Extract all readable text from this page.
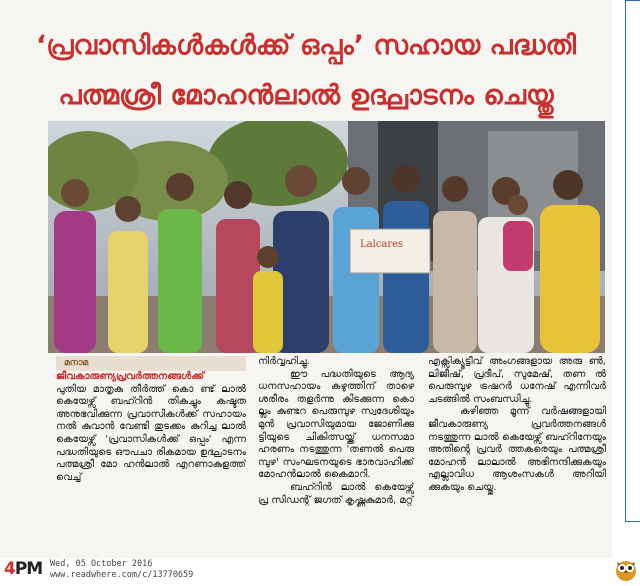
‘പ്രവാസികൾകൾക്ക് ഒപ്പം’ സഹായ പദ്ധതി
പത്മശ്രീ മോഹൻലാൽ ഉദ്ഘാടനം ചെയ്തു
Lalcares
മനാമ
ജീവകാരുണ്യപ്രവർത്തനങ്ങൾക്ക്

പുതിയ മാതൃക തീർത്ത് കൊ ണ്ട് ലാൽ കെയേഴ്സ് ബഹ്റിൻ തികച്ചും കഷ്ടത അനുഭവിക്കുന്ന പ്രവാസികൾക്ക് സഹായം നൽ കുവാൻ വേണ്ടി തുടക്കം കുറിച്ച ലാൽ കെയേഴ്സ് 'പ്രവാസികൾക്ക് ഒപ്പം' എന്ന പദ്ധതിയുടെ ഔപചാ രികമായ ഉദ്ഘാടനം പത്മശ്രീ മോ ഹൻലാൽ എറണാകുളത്ത് വെച്ച്

നിർവ്വഹിച്ചു.

ഈ പദ്ധതിയുടെ ആദ്യ ധനസഹായം കഴുത്തിന് താഴെ ശരീരം തളർന്നു കിടക്കുന്ന കൊ ല്ലം കുണ്ടറ പെരുമ്പുഴ സ്വദേശിയും മുൻ പ്രവാസിയുമായ ജോണിക്കു ട്ടിയുടെ ചികിത്സയ്ക്ക് ധനസമാ ഹരണം നടത്തുന്ന 'തണൽ പെരു മ്പുഴ' സംഘടനയുടെ ഭാരവാഹിക്ക് മോഹൻലാൽ കൈമാറി.

ബഹ്റിൻ ലാൽ കെയേഴ്സ് പ്ര സിഡന്റ് ജഗത് കൃഷ്ണകുമാർ, മറ്റ്

എക്സിക്യൂട്ടീവ് അംഗങ്ങളായ അരു ൺ, ലിജീഷ്, പ്രദീപ്, സുമേഷ്, തണ ൽ പെരുമ്പുഴ ട്രഷറർ ധനേഷ് എന്നിവർ ചടങ്ങിൽ സംബന്ധിച്ചു.

കഴിഞ്ഞ മൂന്ന് വർഷങ്ങളായി ജീവകാരുണ്യ പ്രവർത്തനങ്ങൾ നടത്തുന്ന ലാൽ കെയേഴ്സ് ബഹ്റിനേയും അതിന്റെ പ്രവർ ത്തകരെയും പത്മശ്രീ മോഹൻ ലാലാൽ അഭിനന്ദിക്കുകയും എല്ലാവിധ ആശംസകൾ അറിയി ക്കുകയും ചെയ്തു.

4PM Wed, 05 October 2016
www.readwhere.com/c/13770659
